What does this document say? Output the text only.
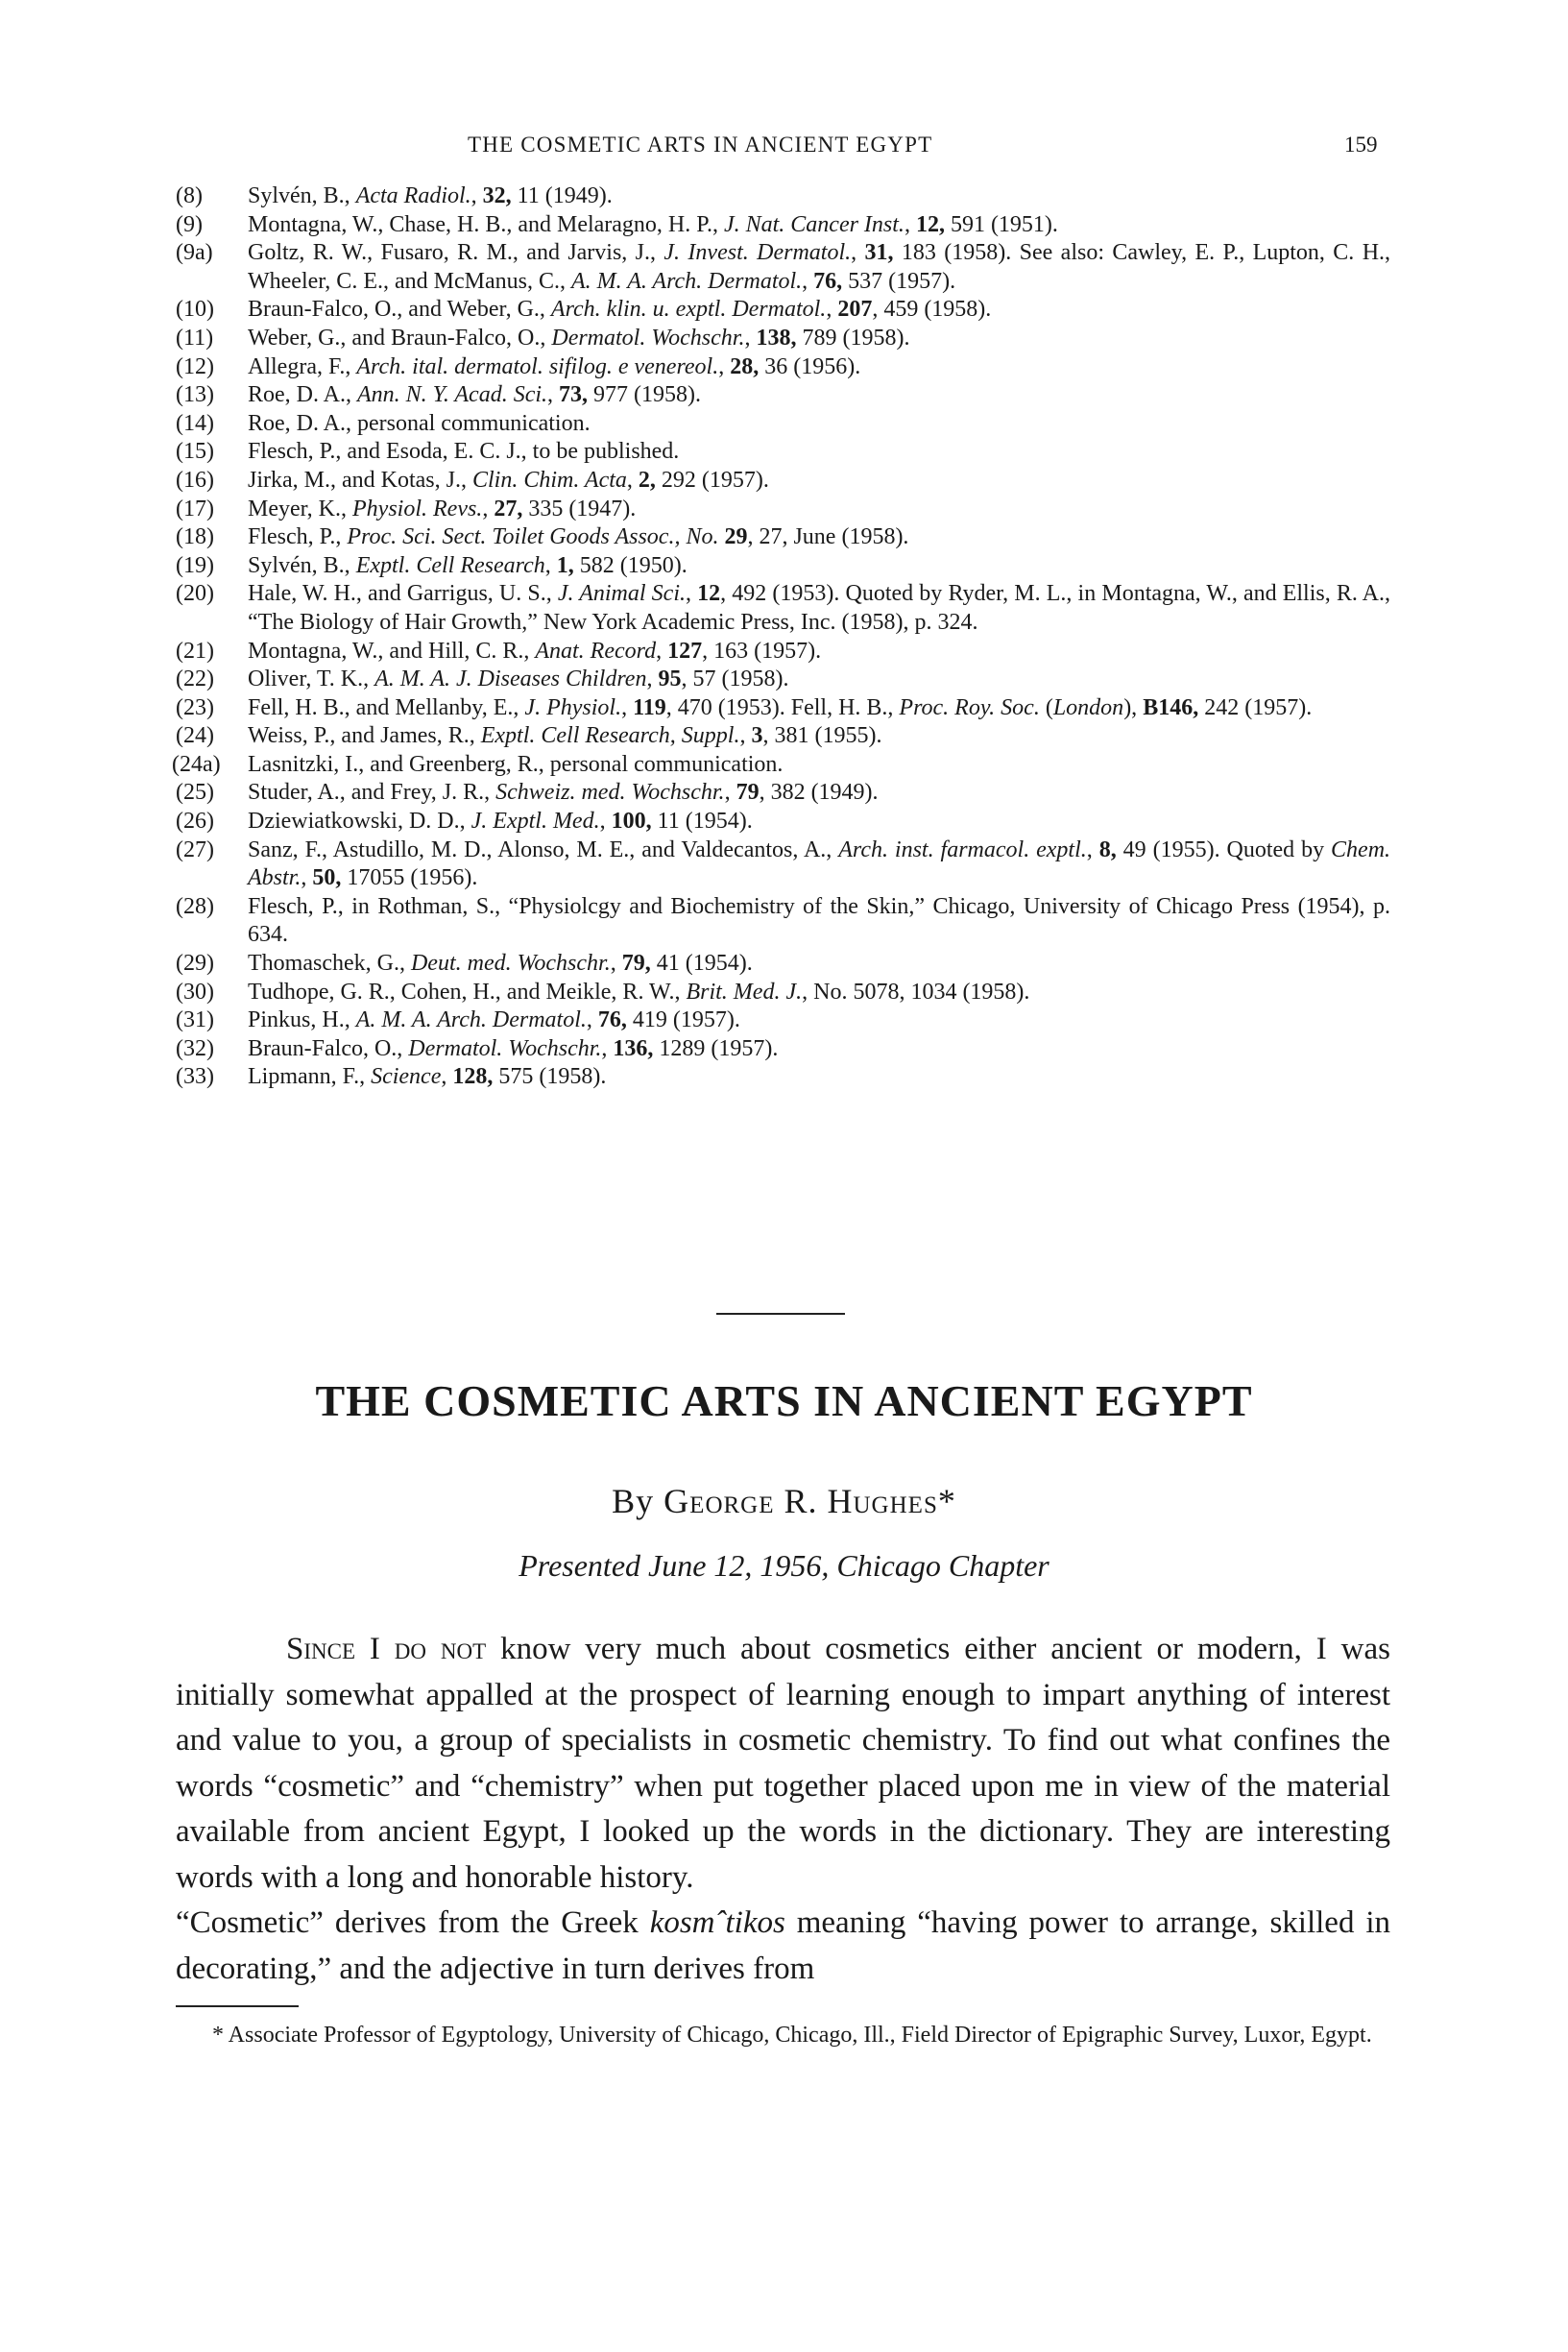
THE COSMETIC ARTS IN ANCIENT EGYPT	159
(8) Sylvén, B., Acta Radiol., 32, 11 (1949).
(9) Montagna, W., Chase, H. B., and Melaragno, H. P., J. Nat. Cancer Inst., 12, 591 (1951).
(9a) Goltz, R. W., Fusaro, R. M., and Jarvis, J., J. Invest. Dermatol., 31, 183 (1958). See also: Cawley, E. P., Lupton, C. H., Wheeler, C. E., and McManus, C., A. M. A. Arch. Dermatol., 76, 537 (1957).
(10) Braun-Falco, O., and Weber, G., Arch. klin. u. exptl. Dermatol., 207, 459 (1958).
(11) Weber, G., and Braun-Falco, O., Dermatol. Wochschr., 138, 789 (1958).
(12) Allegra, F., Arch. ital. dermatol. sifilog. e venereol., 28, 36 (1956).
(13) Roe, D. A., Ann. N. Y. Acad. Sci., 73, 977 (1958).
(14) Roe, D. A., personal communication.
(15) Flesch, P., and Esoda, E. C. J., to be published.
(16) Jirka, M., and Kotas, J., Clin. Chim. Acta, 2, 292 (1957).
(17) Meyer, K., Physiol. Revs., 27, 335 (1947).
(18) Flesch, P., Proc. Sci. Sect. Toilet Goods Assoc., No. 29, 27, June (1958).
(19) Sylvén, B., Exptl. Cell Research, 1, 582 (1950).
(20) Hale, W. H., and Garrigus, U. S., J. Animal Sci., 12, 492 (1953). Quoted by Ryder, M. L., in Montagna, W., and Ellis, R. A., “The Biology of Hair Growth,” New York Academic Press, Inc. (1958), p. 324.
(21) Montagna, W., and Hill, C. R., Anat. Record, 127, 163 (1957).
(22) Oliver, T. K., A. M. A. J. Diseases Children, 95, 57 (1958).
(23) Fell, H. B., and Mellanby, E., J. Physiol., 119, 470 (1953). Fell, H. B., Proc. Roy. Soc. (London), B146, 242 (1957).
(24) Weiss, P., and James, R., Exptl. Cell Research, Suppl., 3, 381 (1955).
(24a) Lasnitzki, I., and Greenberg, R., personal communication.
(25) Studer, A., and Frey, J. R., Schweiz. med. Wochschr., 79, 382 (1949).
(26) Dziewiatkowski, D. D., J. Exptl. Med., 100, 11 (1954).
(27) Sanz, F., Astudillo, M. D., Alonso, M. E., and Valdecantos, A., Arch. inst. farmacol. exptl., 8, 49 (1955). Quoted by Chem. Abstr., 50, 17055 (1956).
(28) Flesch, P., in Rothman, S., “Physiolcgy and Biochemistry of the Skin,” Chicago, University of Chicago Press (1954), p. 634.
(29) Thomaschek, G., Deut. med. Wochschr., 79, 41 (1954).
(30) Tudhope, G. R., Cohen, H., and Meikle, R. W., Brit. Med. J., No. 5078, 1034 (1958).
(31) Pinkus, H., A. M. A. Arch. Dermatol., 76, 419 (1957).
(32) Braun-Falco, O., Dermatol. Wochschr., 136, 1289 (1957).
(33) Lipmann, F., Science, 128, 575 (1958).
THE COSMETIC ARTS IN ANCIENT EGYPT
By George R. Hughes*
Presented June 12, 1956, Chicago Chapter

Since I do not know very much about cosmetics either ancient or modern, I was initially somewhat appalled at the prospect of learning enough to impart anything of interest and value to you, a group of specialists in cosmetic chemistry. To find out what confines the words “cosmetic” and “chemistry” when put together placed upon me in view of the material available from ancient Egypt, I looked up the words in the dictionary. They are interesting words with a long and honorable history.

“Cosmetic” derives from the Greek kosmˆtikos meaning “having power to arrange, skilled in decorating,” and the adjective in turn derives from

* Associate Professor of Egyptology, University of Chicago, Chicago, Ill., Field Director of Epigraphic Survey, Luxor, Egypt.
